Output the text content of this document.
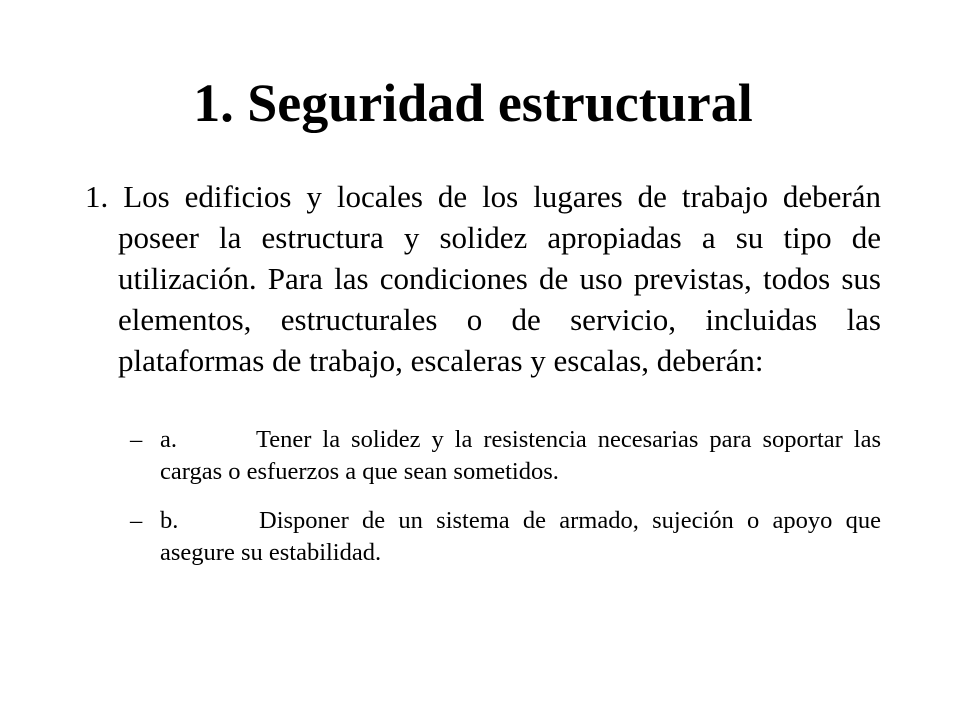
1. Seguridad estructural

1. Los edificios y locales de los lugares de trabajo deberán poseer la estructura y solidez apropiadas a su tipo de utilización. Para las condiciones de uso previstas, todos sus elementos, estructurales o de servicio, incluidas las plataformas de trabajo, escaleras y escalas, deberán:

– a.	Tener la solidez y la resistencia necesarias para soportar las cargas o esfuerzos a que sean sometidos.

– b.	Disponer de un sistema de armado, sujeción o apoyo que asegure su estabilidad.
